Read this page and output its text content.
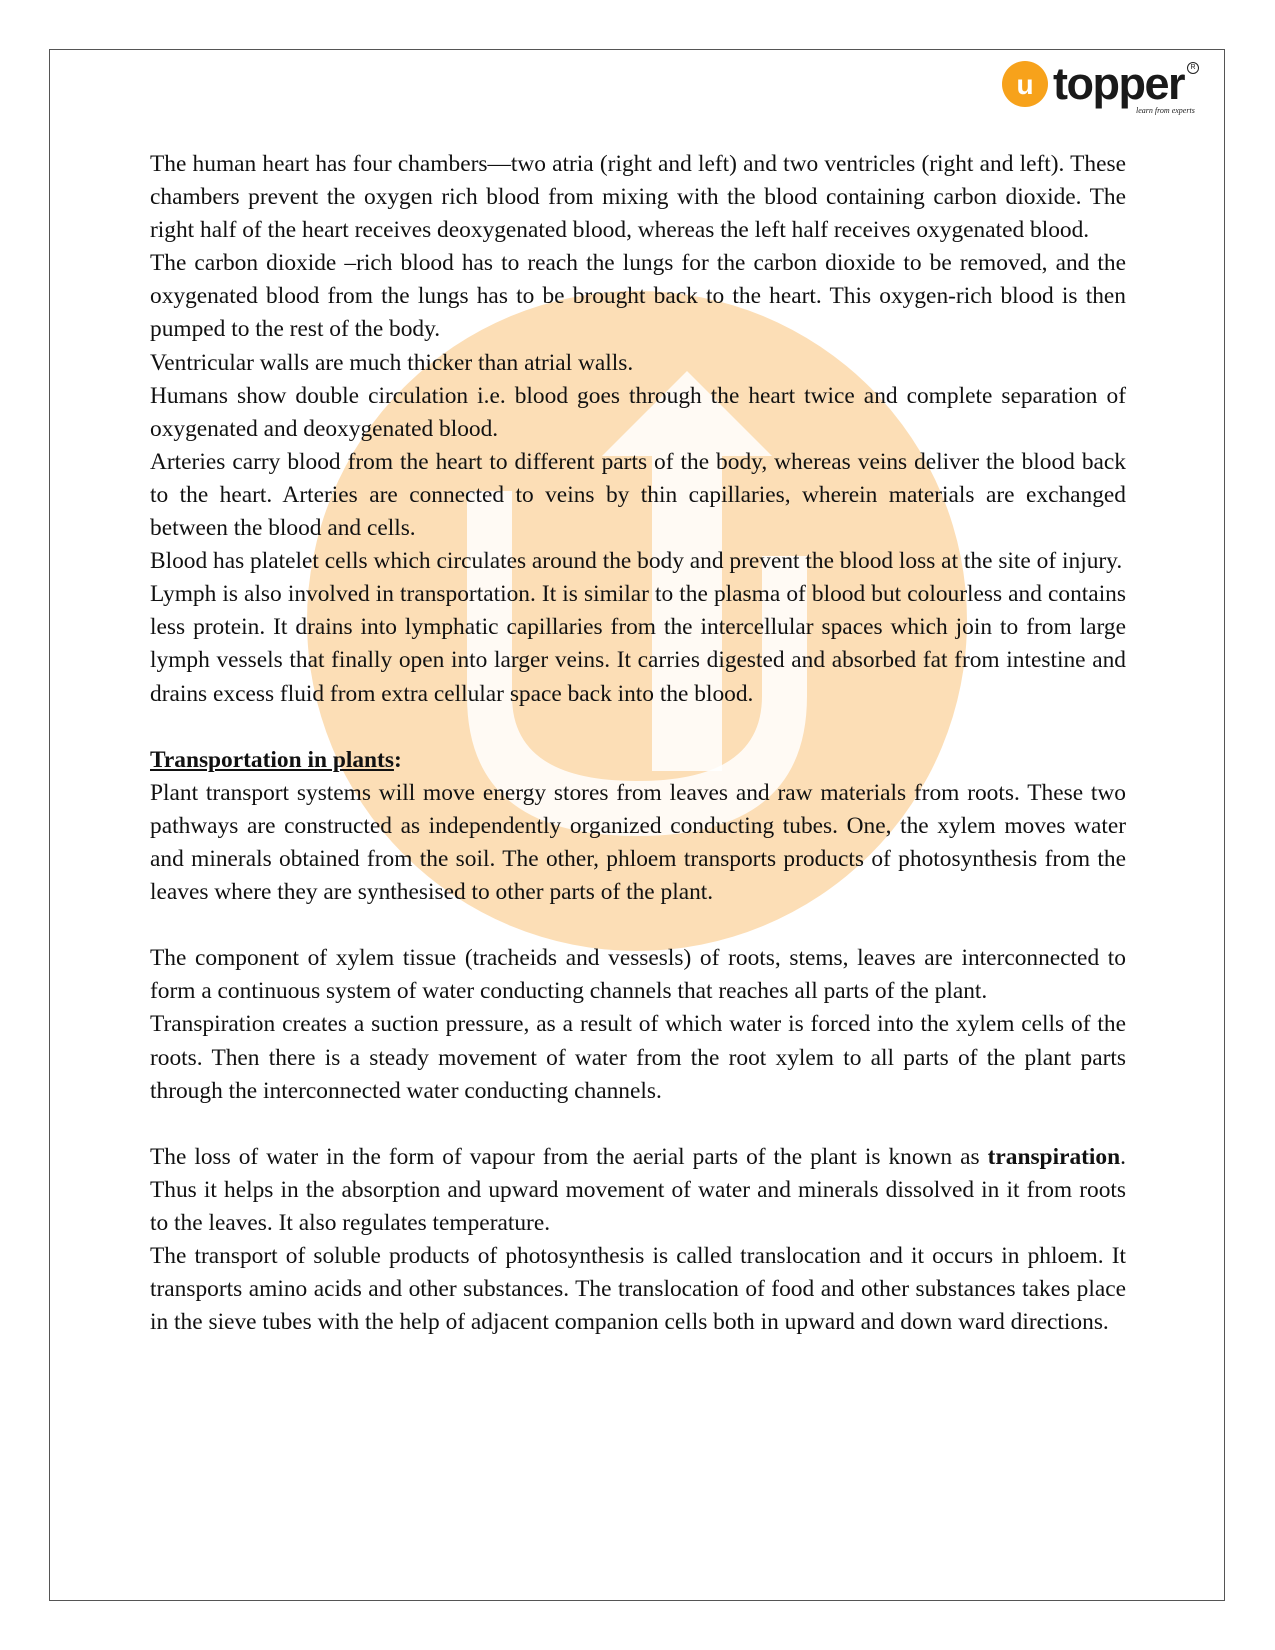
u topper R
learn from experts

The human heart has four chambers—two atria (right and left) and two ventricles (right and left). These chambers prevent the oxygen rich blood from mixing with the blood containing carbon dioxide. The right half of the heart receives deoxygenated blood, whereas the left half receives oxygenated blood.

The carbon dioxide –rich blood has to reach the lungs for the carbon dioxide to be removed, and the oxygenated blood from the lungs has to be brought back to the heart. This oxygen-rich blood is then pumped to the rest of the body.

Ventricular walls are much thicker than atrial walls.

Humans show double circulation i.e. blood goes through the heart twice and complete separation of oxygenated and deoxygenated blood.

Arteries carry blood from the heart to different parts of the body, whereas veins deliver the blood back to the heart. Arteries are connected to veins by thin capillaries, wherein materials are exchanged between the blood and cells.

Blood has platelet cells which circulates around the body and prevent the blood loss at the site of injury.

Lymph is also involved in transportation. It is similar to the plasma of blood but colourless and contains less protein. It drains into lymphatic capillaries from the intercellular spaces which join to from large lymph vessels that finally open into larger veins. It carries digested and absorbed fat from intestine and drains excess fluid from extra cellular space back into the blood.

Transportation in plants:

Plant transport systems will move energy stores from leaves and raw materials from roots. These two pathways are constructed as independently organized conducting tubes. One, the xylem moves water and minerals obtained from the soil. The other, phloem transports products of photosynthesis from the leaves where they are synthesised to other parts of the plant.

The component of xylem tissue (tracheids and vessesls) of roots, stems, leaves are interconnected to form a continuous system of water conducting channels that reaches all parts of the plant.

Transpiration creates a suction pressure, as a result of which water is forced into the xylem cells of the roots. Then there is a steady movement of water from the root xylem to all parts of the plant parts through the interconnected water conducting channels.

The loss of water in the form of vapour from the aerial parts of the plant is known as transpiration. Thus it helps in the absorption and upward movement of water and minerals dissolved in it from roots to the leaves. It also regulates temperature.

The transport of soluble products of photosynthesis is called translocation and it occurs in phloem. It transports amino acids and other substances. The translocation of food and other substances takes place in the sieve tubes with the help of adjacent companion cells both in upward and down ward directions.
